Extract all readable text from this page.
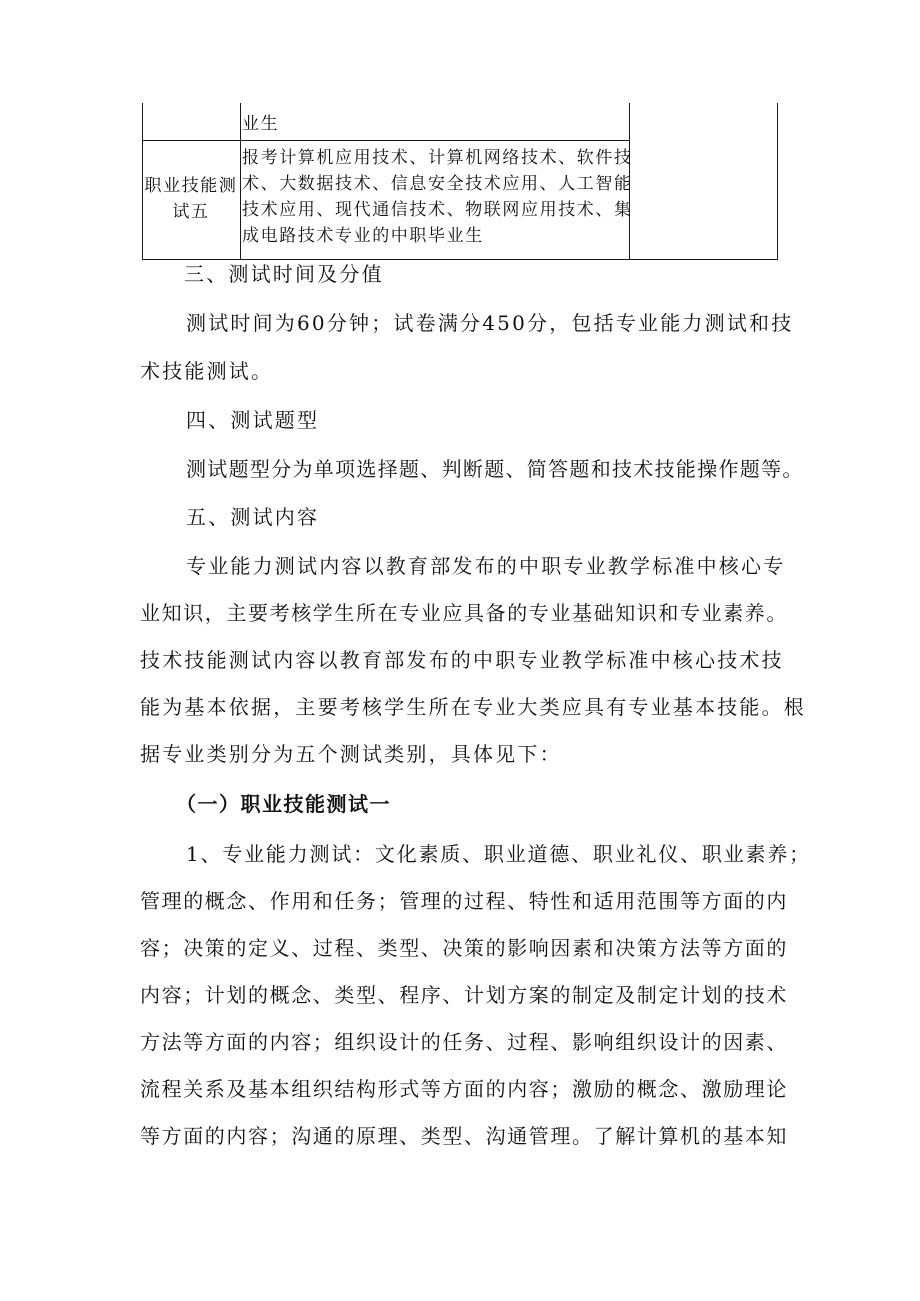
业生
职业技能测
试五
报考计算机应用技术、计算机网络技术、软件技
术、大数据技术、信息安全技术应用、人工智能
技术应用、现代通信技术、物联网应用技术、集
成电路技术专业的中职毕业生
三、测试时间及分值
测试时间为60分钟；试卷满分450分，包括专业能力测试和技
术技能测试。
四、测试题型
测试题型分为单项选择题、判断题、简答题和技术技能操作题等。
五、测试内容
专业能力测试内容以教育部发布的中职专业教学标准中核心专
业知识，主要考核学生所在专业应具备的专业基础知识和专业素养。
技术技能测试内容以教育部发布的中职专业教学标准中核心技术技
能为基本依据，主要考核学生所在专业大类应具有专业基本技能。根
据专业类别分为五个测试类别，具体见下：
（一）职业技能测试一
1、专业能力测试：文化素质、职业道德、职业礼仪、职业素养；
管理的概念、作用和任务；管理的过程、特性和适用范围等方面的内
容；决策的定义、过程、类型、决策的影响因素和决策方法等方面的
内容；计划的概念、类型、程序、计划方案的制定及制定计划的技术
方法等方面的内容；组织设计的任务、过程、影响组织设计的因素、
流程关系及基本组织结构形式等方面的内容；激励的概念、激励理论
等方面的内容；沟通的原理、类型、沟通管理。了解计算机的基本知
